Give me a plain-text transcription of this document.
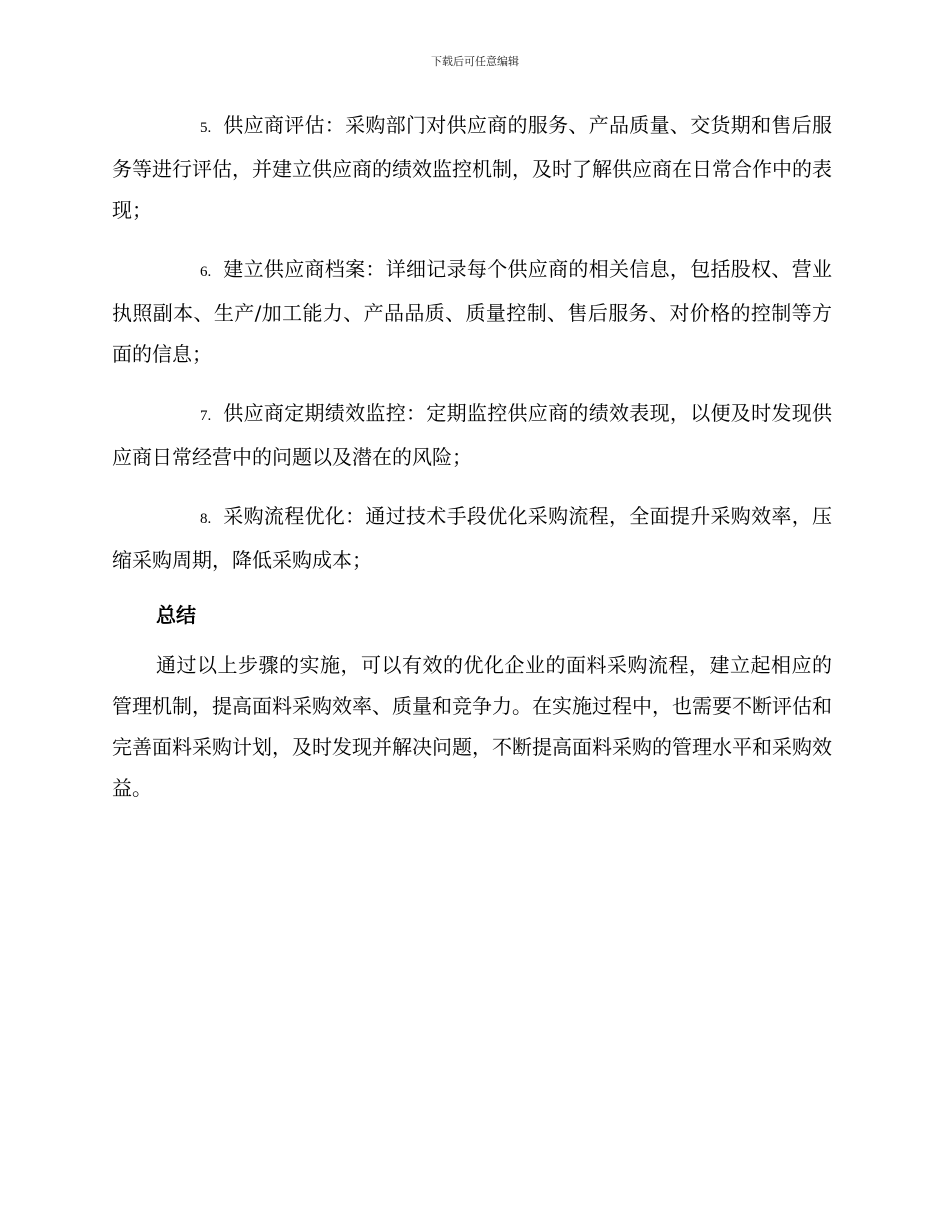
下载后可任意编辑

5. 供应商评估：采购部门对供应商的服务、产品质量、交货期和售后服务等进行评估，并建立供应商的绩效监控机制，及时了解供应商在日常合作中的表现；

6. 建立供应商档案：详细记录每个供应商的相关信息，包括股权、营业执照副本、生产/加工能力、产品品质、质量控制、售后服务、对价格的控制等方面的信息；

7. 供应商定期绩效监控：定期监控供应商的绩效表现，以便及时发现供应商日常经营中的问题以及潜在的风险；

8. 采购流程优化：通过技术手段优化采购流程，全面提升采购效率，压缩采购周期，降低采购成本；

总结

通过以上步骤的实施，可以有效的优化企业的面料采购流程，建立起相应的管理机制，提高面料采购效率、质量和竞争力。在实施过程中，也需要不断评估和完善面料采购计划，及时发现并解决问题，不断提高面料采购的管理水平和采购效益。
